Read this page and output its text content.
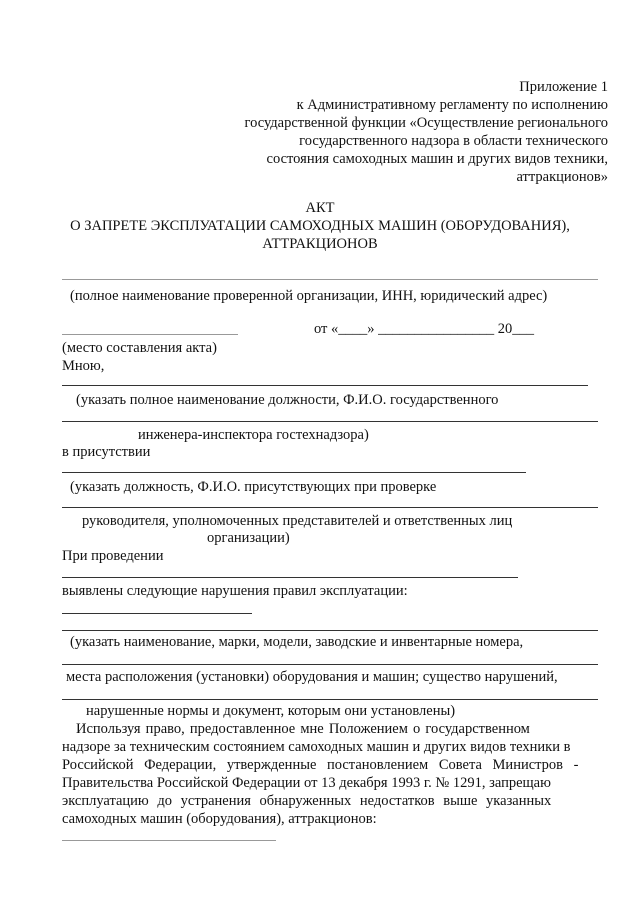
Приложение 1
к Административному регламенту по исполнению
государственной функции «Осуществление регионального
государственного надзора в области технического
состояния самоходных машин и других видов техники,
аттракционов»
АКТ
О ЗАПРЕТЕ ЭКСПЛУАТАЦИИ САМОХОДНЫХ МАШИН (ОБОРУДОВАНИЯ),
АТТРАКЦИОНОВ
(полное наименование проверенной организации, ИНН, юридический адрес)
от «____» ________________ 20___
(место составления акта)
Мною,
(указать полное наименование должности, Ф.И.О. государственного
инженера-инспектора гостехнадзора)
в присутствии
(указать должность, Ф.И.О. присутствующих при проверке
руководителя, уполномоченных представителей и ответственных лиц
организации)
При проведении
выявлены следующие нарушения правил эксплуатации:
(указать наименование, марки, модели, заводские и инвентарные номера,
места расположения (установки) оборудования и машин; существо нарушений,
нарушенные нормы и документ, которым они установлены)
Используя право, предоставленное мне Положением о государственном
надзоре за техническим состоянием самоходных машин и других видов техники в
Российской Федерации, утвержденные постановлением Совета Министров -
Правительства Российской Федерации от 13 декабря 1993 г. № 1291, запрещаю
эксплуатацию до устранения обнаруженных недостатков выше указанных
самоходных машин (оборудования), аттракционов:
